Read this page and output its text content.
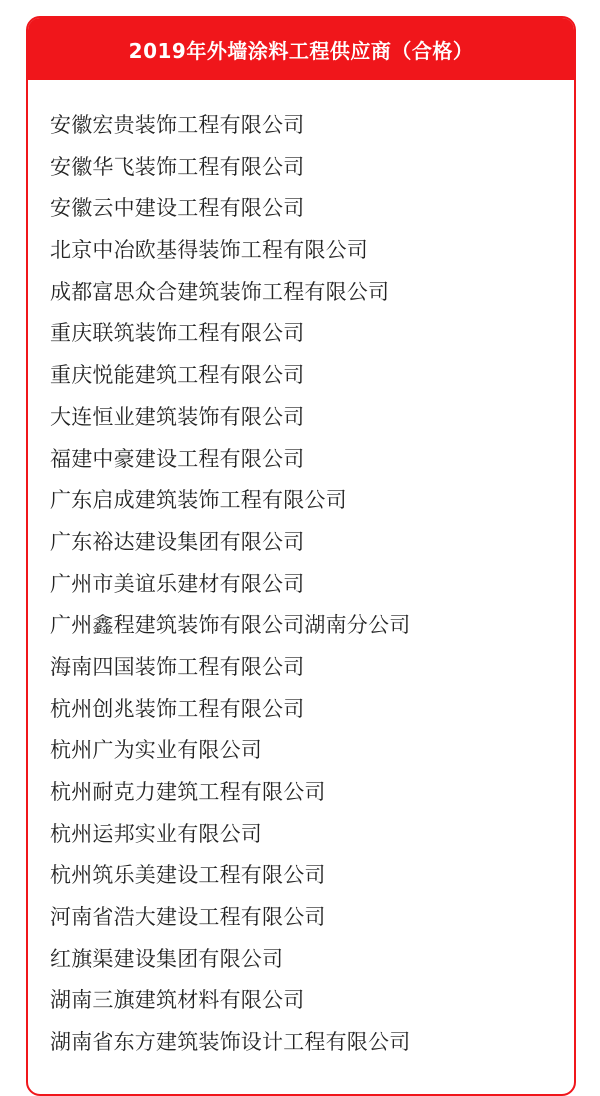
2019年外墙涂料工程供应商（合格）
安徽宏贵装饰工程有限公司
安徽华飞装饰工程有限公司
安徽云中建设工程有限公司
北京中冶欧基得装饰工程有限公司
成都富思众合建筑装饰工程有限公司
重庆联筑装饰工程有限公司
重庆悦能建筑工程有限公司
大连恒业建筑装饰有限公司
福建中豪建设工程有限公司
广东启成建筑装饰工程有限公司
广东裕达建设集团有限公司
广州市美谊乐建材有限公司
广州鑫程建筑装饰有限公司湖南分公司
海南四国装饰工程有限公司
杭州创兆装饰工程有限公司
杭州广为实业有限公司
杭州耐克力建筑工程有限公司
杭州运邦实业有限公司
杭州筑乐美建设工程有限公司
河南省浩大建设工程有限公司
红旗渠建设集团有限公司
湖南三旗建筑材料有限公司
湖南省东方建筑装饰设计工程有限公司
